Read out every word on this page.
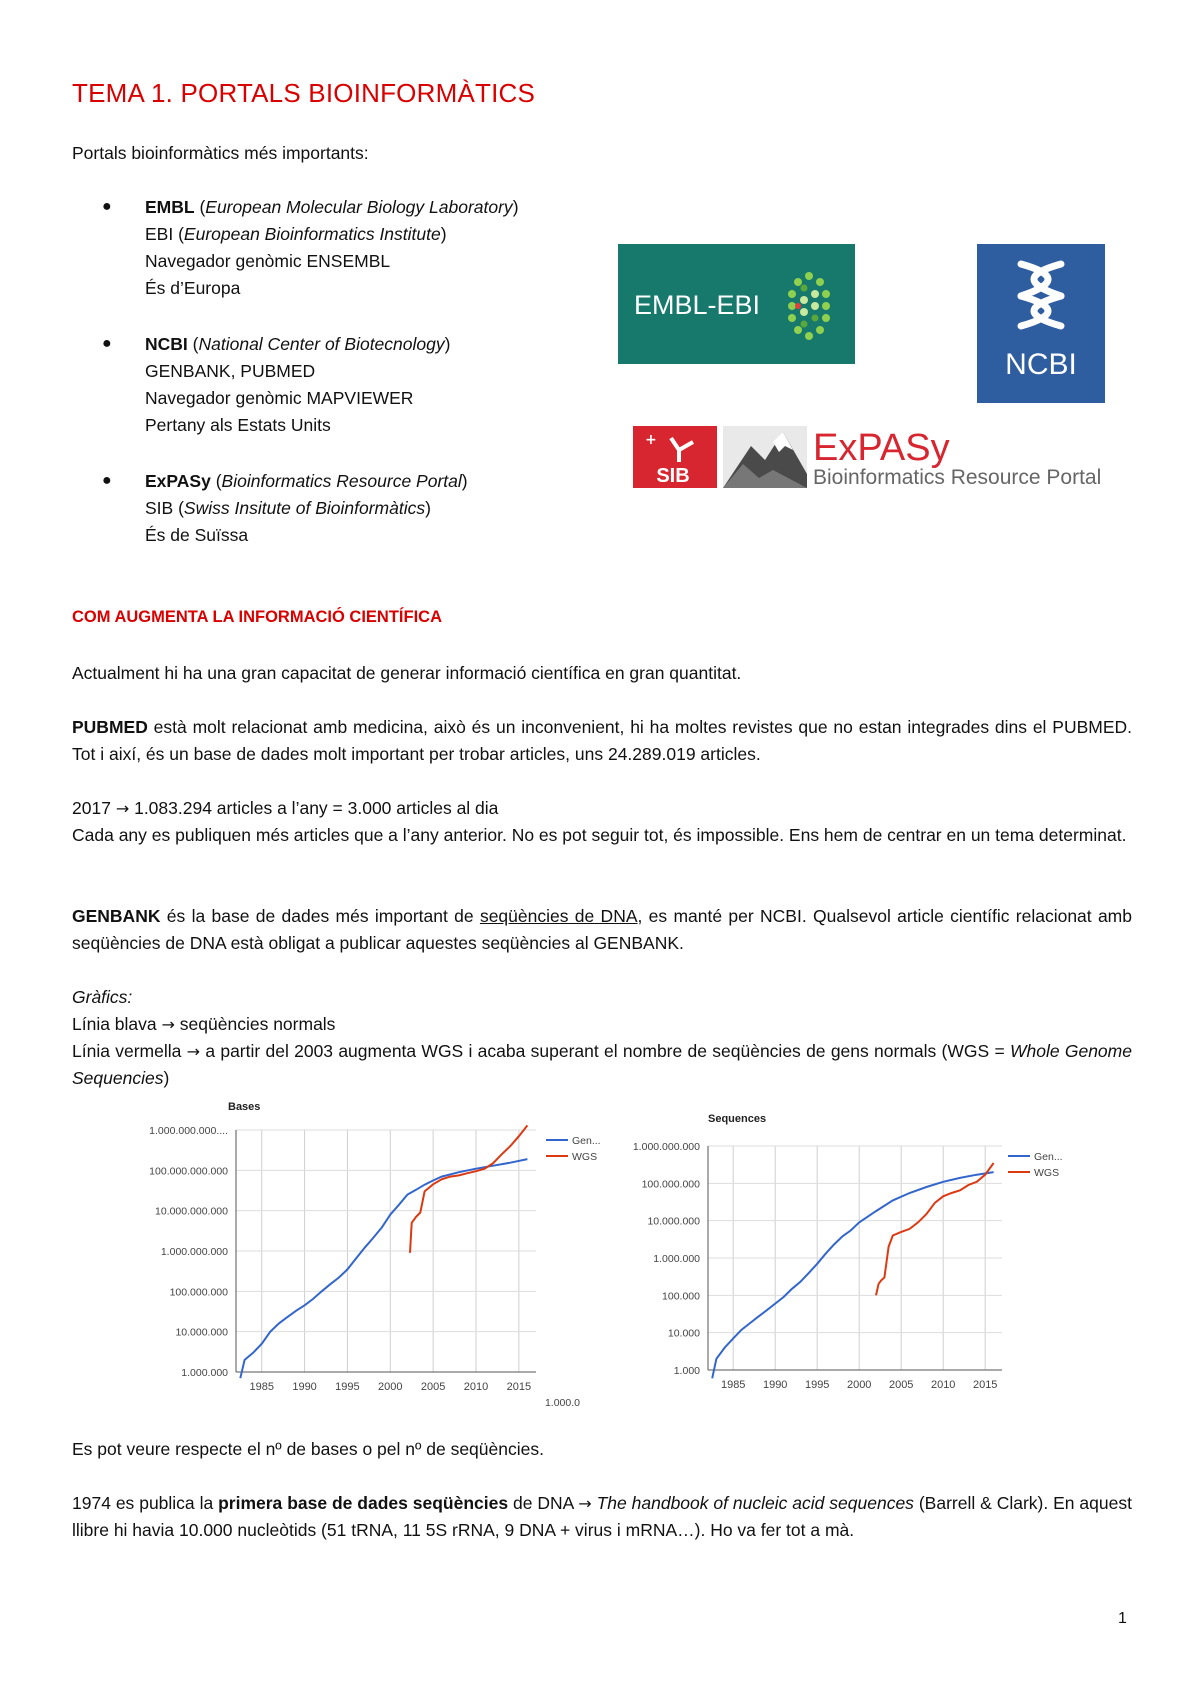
TEMA 1. PORTALS BIOINFORMÀTICS
Portals bioinformàtics més importants:
● EMBL (European Molecular Biology Laboratory)
EBI (European Bioinformatics Institute)
Navegador genòmic ENSEMBL
És d’Europa
● NCBI (National Center of Biotecnology)
GENBANK, PUBMED
Navegador genòmic MAPVIEWER
Pertany als Estats Units
● ExPASy (Bioinformatics Resource Portal)
SIB (Swiss Insitute of Bioinformàtics)
És de Suïssa
EMBL-EBI
NCBI
+
SIB
ExPASy
Bioinformatics Resource Portal
COM AUGMENTA LA INFORMACIÓ CIENTÍFICA
Actualment hi ha una gran capacitat de generar informació científica en gran quantitat.
PUBMED està molt relacionat amb medicina, això és un inconvenient, hi ha moltes revistes que no estan integrades dins el PUBMED. Tot i així, és un base de dades molt important per trobar articles, uns 24.289.019 articles.
2017 → 1.083.294 articles a l’any = 3.000 articles al dia
Cada any es publiquen més articles que a l’any anterior. No es pot seguir tot, és impossible. Ens hem de centrar en un tema determinat.
GENBANK és la base de dades més important de seqüències de DNA, es manté per NCBI. Qualsevol article científic relacionat amb seqüències de DNA està obligat a publicar aquestes seqüències al GENBANK.
Gràfics:
Línia blava → seqüències normals
Línia vermella → a partir del 2003 augmenta WGS i acaba superant el nombre de seqüències de gens normals (WGS = Whole Genome Sequencies)
Bases
1985 1990 1995 2000 2005 2010 2015
1.000.000
10.000.000
100.000.000
1.000.000.000
10.000.000.000
100.000.000.000
1.000.000.000....
Gen...
WGS
1.000.0
Sequences
1985 1990 1995 2000 2005 2010 2015
1.000
10.000
100.000
1.000.000
10.000.000
100.000.000
1.000.000.000
Gen...
WGS
Es pot veure respecte el nº de bases o pel nº de seqüències.
1974 es publica la primera base de dades seqüències de DNA → The handbook of nucleic acid sequences (Barrell & Clark). En aquest llibre hi havia 10.000 nucleòtids (51 tRNA, 11 5S rRNA, 9 DNA + virus i mRNA…). Ho va fer tot a mà.
1
